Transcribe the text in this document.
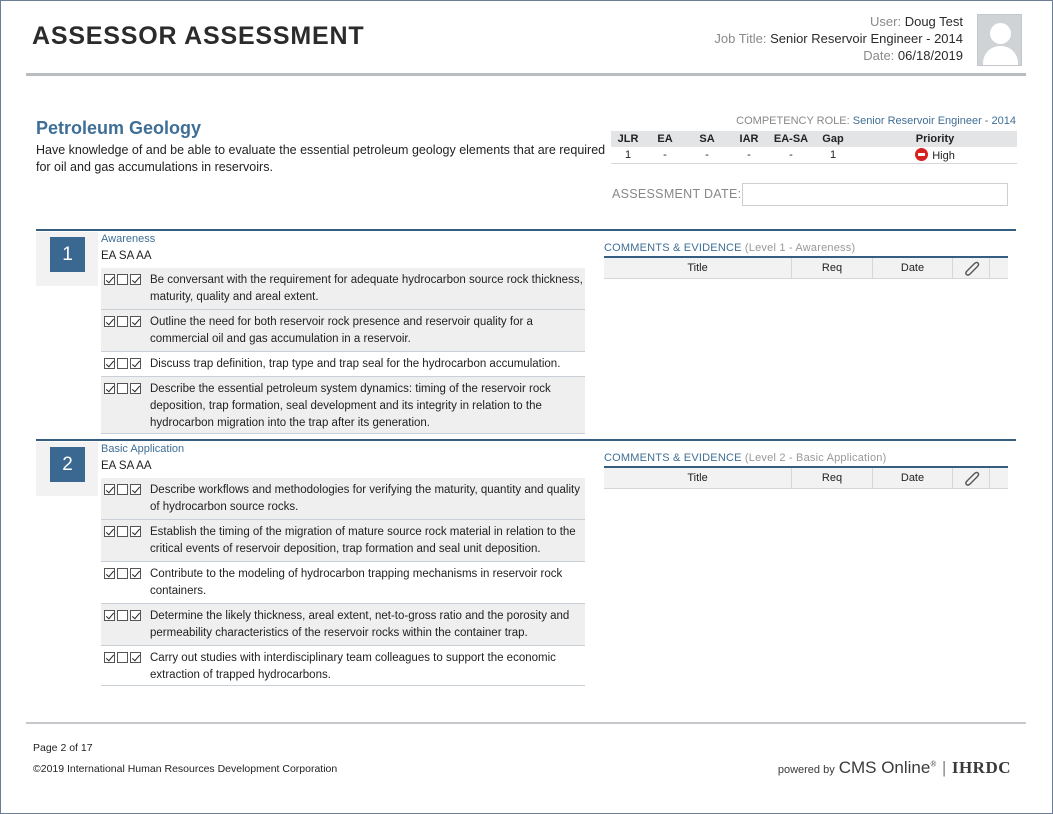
ASSESSOR ASSESSMENT
User: Doug Test
Job Title: Senior Reservoir Engineer - 2014
Date: 06/18/2019
Petroleum Geology
Have knowledge of and be able to evaluate the essential petroleum geology elements that are required for oil and gas accumulations in reservoirs.
COMPETENCY ROLE: Senior Reservoir Engineer - 2014
JLR	EA	SA	IAR	EA-SA	Gap	Priority
1	-	-	-	-	1	High
ASSESSMENT DATE:
1
Awareness
EA SA AA
Be conversant with the requirement for adequate hydrocarbon source rock thickness, maturity, quality and areal extent.
Outline the need for both reservoir rock presence and reservoir quality for a commercial oil and gas accumulation in a reservoir.
Discuss trap definition, trap type and trap seal for the hydrocarbon accumulation.
Describe the essential petroleum system dynamics: timing of the reservoir rock deposition, trap formation, seal development and its integrity in relation to the hydrocarbon migration into the trap after its generation.
COMMENTS & EVIDENCE (Level 1 - Awareness)
Title	Req	Date
2
Basic Application
EA SA AA
Describe workflows and methodologies for verifying the maturity, quantity and quality of hydrocarbon source rocks.
Establish the timing of the migration of mature source rock material in relation to the critical events of reservoir deposition, trap formation and seal unit deposition.
Contribute to the modeling of hydrocarbon trapping mechanisms in reservoir rock containers.
Determine the likely thickness, areal extent, net-to-gross ratio and the porosity and permeability characteristics of the reservoir rocks within the container trap.
Carry out studies with interdisciplinary team colleagues to support the economic extraction of trapped hydrocarbons.
COMMENTS & EVIDENCE (Level 2 - Basic Application)
Title	Req	Date
Page 2 of 17
©2019 International Human Resources Development Corporation	powered by CMS Online® | IHRDC
